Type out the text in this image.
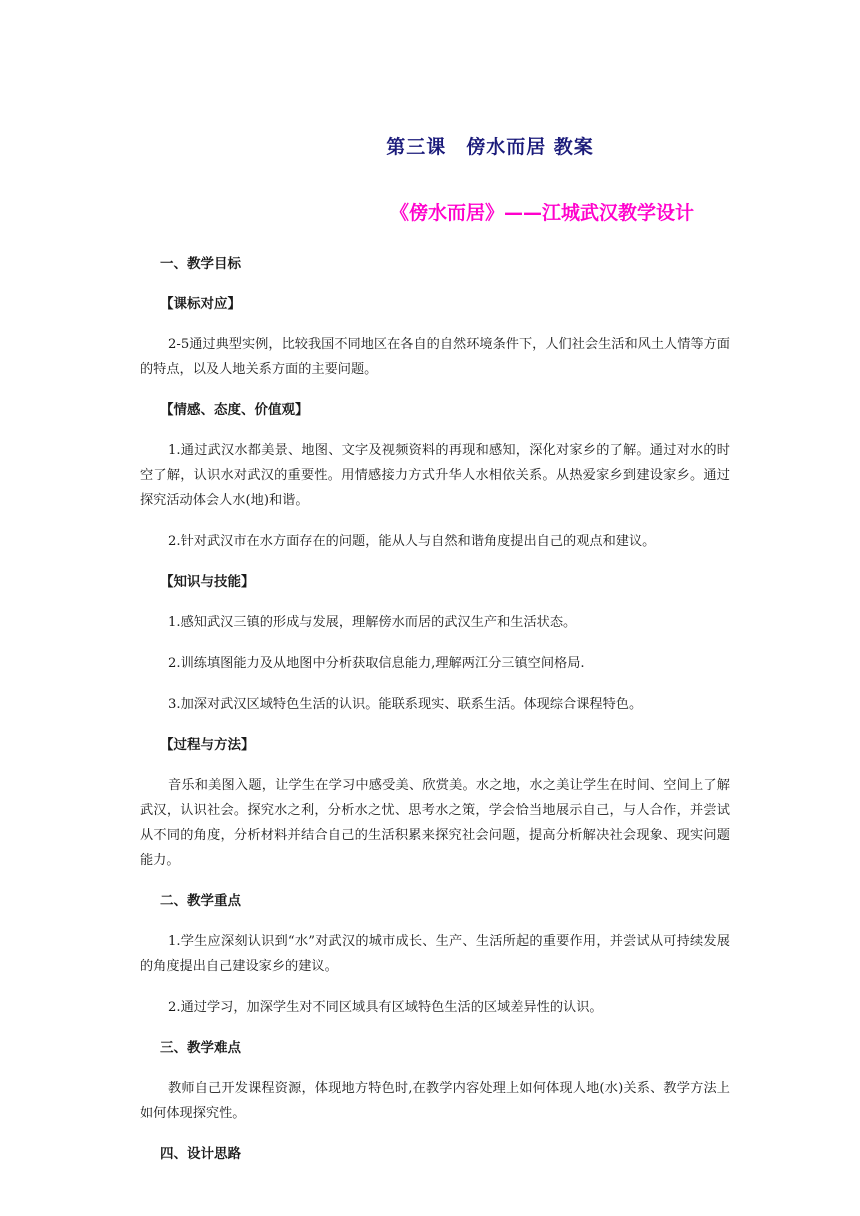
第三课　傍水而居 教案
《傍水而居》——江城武汉教学设计
一、教学目标
【课标对应】

2-5通过典型实例，比较我国不同地区在各自的自然环境条件下，人们社会生活和风土人情等方面的特点，以及人地关系方面的主要问题。

【情感、态度、价值观】

1.通过武汉水都美景、地图、文字及视频资料的再现和感知，深化对家乡的了解。通过对水的时空了解，认识水对武汉的重要性。用情感接力方式升华人水相依关系。从热爱家乡到建设家乡。通过探究活动体会人水(地)和谐。

2.针对武汉市在水方面存在的问题，能从人与自然和谐角度提出自己的观点和建议。

【知识与技能】

1.感知武汉三镇的形成与发展，理解傍水而居的武汉生产和生活状态。

2.训练填图能力及从地图中分析获取信息能力,理解两江分三镇空间格局.

3.加深对武汉区域特色生活的认识。能联系现实、联系生活。体现综合课程特色。

【过程与方法】

音乐和美图入题，让学生在学习中感受美、欣赏美。水之地，水之美让学生在时间、空间上了解武汉，认识社会。探究水之利，分析水之忧、思考水之策，学会恰当地展示自己，与人合作，并尝试从不同的角度，分析材料并结合自己的生活积累来探究社会问题，提高分析解决社会现象、现实问题能力。

二、教学重点

1.学生应深刻认识到“水”对武汉的城市成长、生产、生活所起的重要作用，并尝试从可持续发展的角度提出自己建设家乡的建议。

2.通过学习，加深学生对不同区域具有区域特色生活的区域差异性的认识。

三、教学难点

教师自己开发课程资源，体现地方特色时,在教学内容处理上如何体现人地(水)关系、教学方法上如何体现探究性。

四、设计思路
